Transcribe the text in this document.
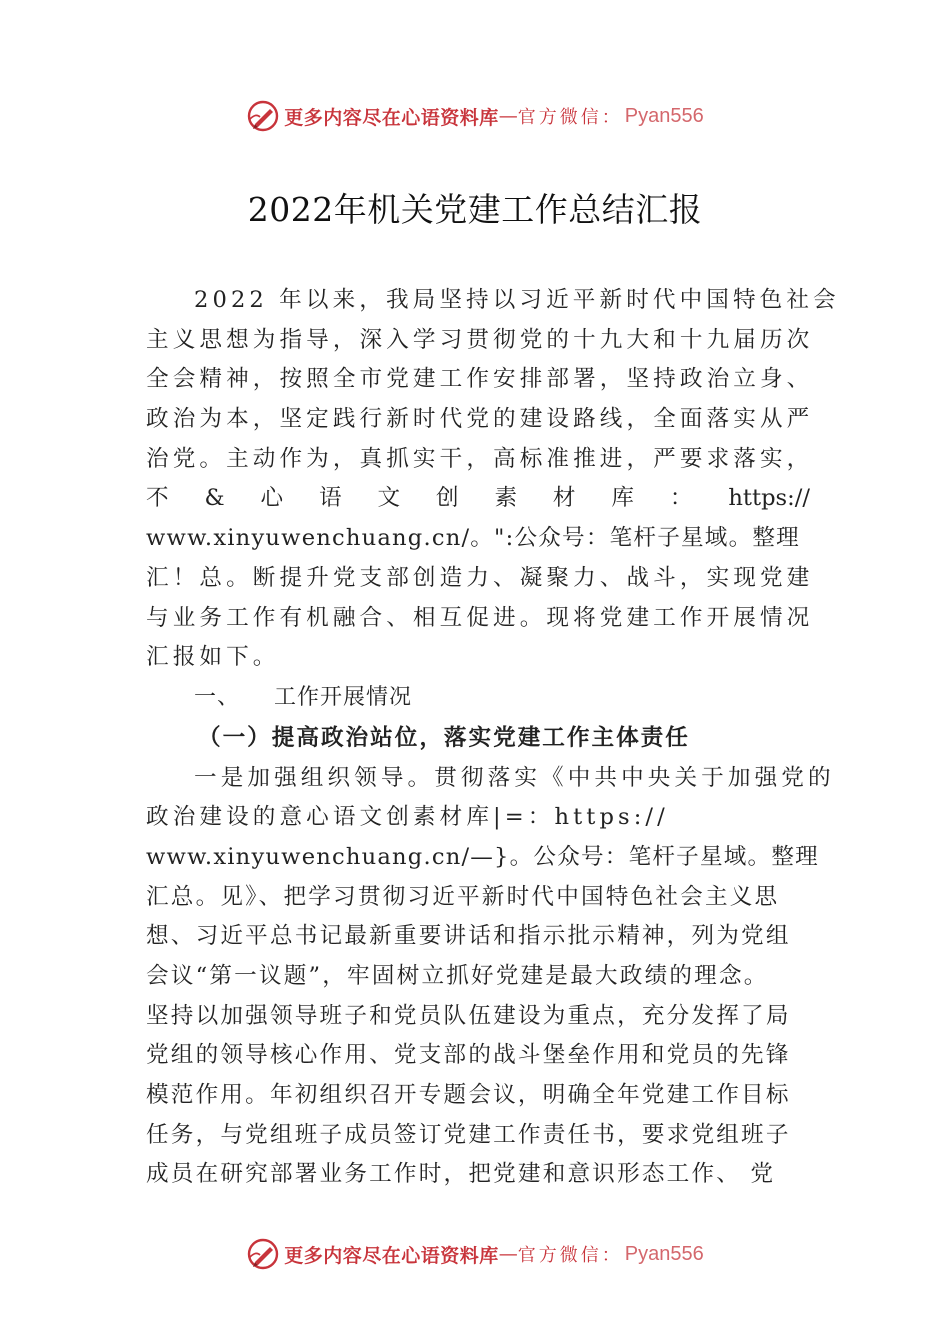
更多内容尽在心语资料库 — 官方微信： Pyan556
2022年机关党建工作总结汇报
2022 年以来，我局坚持以习近平新时代中国特色社会
主义思想为指导，深入学习贯彻党的十九大和十九届历次
全会精神，按照全市党建工作安排部署，坚持政治立身、
政治为本，坚定践行新时代党的建设路线，全面落实从严
治党。主动作为，真抓实干，高标准推进，严要求落实，
不 & 心 语 文 创 素 材 库 ： https://
www.xinyuwenchuang.cn/。":公众号：笔杆子星域。整理
汇！总。断提升党支部创造力、凝聚力、战斗，实现党建
与业务工作有机融合、相互促进。现将党建工作开展情况
汇报如下。
一、 工作开展情况
（一）提高政治站位，落实党建工作主体责任
一是加强组织领导。贯彻落实《中共中央关于加强党的
政治建设的意心语文创素材库|=：https://
www.xinyuwenchuang.cn/—}。公众号：笔杆子星域。整理
汇总。见》、把学习贯彻习近平新时代中国特色社会主义思
想、习近平总书记最新重要讲话和指示批示精神，列为党组
会议“第一议题”，牢固树立抓好党建是最大政绩的理念。
坚持以加强领导班子和党员队伍建设为重点，充分发挥了局
党组的领导核心作用、党支部的战斗堡垒作用和党员的先锋
模范作用。年初组织召开专题会议，明确全年党建工作目标
任务，与党组班子成员签订党建工作责任书，要求党组班子
成员在研究部署业务工作时，把党建和意识形态工作、 党
更多内容尽在心语资料库 — 官方微信： Pyan556
